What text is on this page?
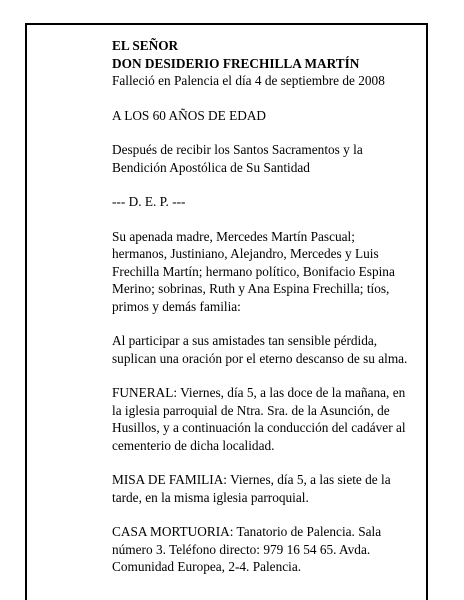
EL SEÑOR

DON DESIDERIO FRECHILLA MARTÍN

Falleció en Palencia el día 4 de septiembre de 2008

A LOS 60 AÑOS DE EDAD

Después de recibir los Santos Sacramentos y la Bendición Apostólica de Su Santidad

--- D. E. P. ---

Su apenada madre, Mercedes Martín Pascual; hermanos, Justiniano, Alejandro, Mercedes y Luis Frechilla Martín; hermano político, Bonifacio Espina Merino; sobrinas, Ruth y Ana Espina Frechilla; tíos, primos y demás familia:

Al participar a sus amistades tan sensible pérdida, suplican una oración por el eterno descanso de su alma.

FUNERAL: Viernes, día 5, a las doce de la mañana, en la iglesia parroquial de Ntra. Sra. de la Asunción, de Husillos, y a continuación la conducción del cadáver al cementerio de dicha localidad.

MISA DE FAMILIA: Viernes, día 5, a las siete de la tarde, en la misma iglesia parroquial.

CASA MORTUORIA: Tanatorio de Palencia. Sala número 3. Teléfono directo: 979 16 54 65. Avda. Comunidad Europea, 2-4. Palencia.
